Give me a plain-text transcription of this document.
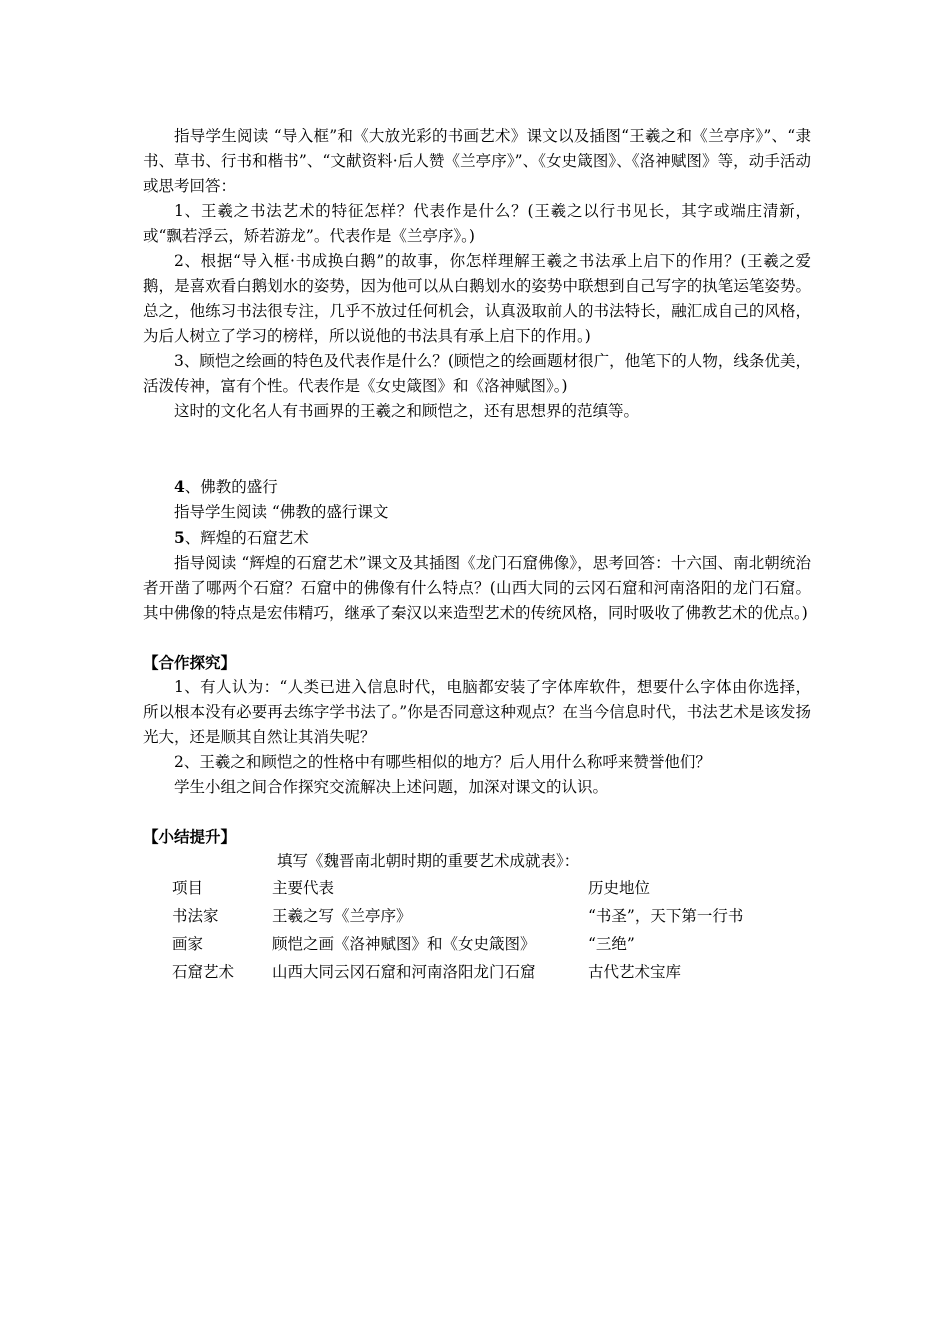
指导学生阅读 “导入框”和《大放光彩的书画艺术》课文以及插图“王羲之和《兰亭序》”、“隶书、草书、行书和楷书”、“文献资料·后人赞《兰亭序》”、《女史箴图》、《洛神赋图》等，动手活动或思考回答：

1、王羲之书法艺术的特征怎样？代表作是什么？(王羲之以行书见长，其字或端庄清新，或“飘若浮云，矫若游龙”。代表作是《兰亭序》。)

2、根据“导入框·书成换白鹅”的故事，你怎样理解王羲之书法承上启下的作用？(王羲之爱鹅，是喜欢看白鹅划水的姿势，因为他可以从白鹅划水的姿势中联想到自己写字的执笔运笔姿势。总之，他练习书法很专注，几乎不放过任何机会，认真汲取前人的书法特长，融汇成自己的风格，为后人树立了学习的榜样，所以说他的书法具有承上启下的作用。)

3、顾恺之绘画的特色及代表作是什么？(顾恺之的绘画题材很广，他笔下的人物，线条优美，活泼传神，富有个性。代表作是《女史箴图》和《洛神赋图》。)

这时的文化名人有书画界的王羲之和顾恺之，还有思想界的范缜等。

4、佛教的盛行

指导学生阅读 “佛教的盛行课文

5、辉煌的石窟艺术

指导阅读 “辉煌的石窟艺术”课文及其插图《龙门石窟佛像》，思考回答：十六国、南北朝统治者开凿了哪两个石窟？石窟中的佛像有什么特点？(山西大同的云冈石窟和河南洛阳的龙门石窟。其中佛像的特点是宏伟精巧，继承了秦汉以来造型艺术的传统风格，同时吸收了佛教艺术的优点。)

【合作探究】

1、有人认为：“人类已进入信息时代，电脑都安装了字体库软件，想要什么字体由你选择，所以根本没有必要再去练字学书法了。”你是否同意这种观点？在当今信息时代，书法艺术是该发扬光大，还是顺其自然让其消失呢？

2、王羲之和顾恺之的性格中有哪些相似的地方？后人用什么称呼来赞誉他们？

学生小组之间合作探究交流解决上述问题，加深对课文的认识。

【小结提升】

填写《魏晋南北朝时期的重要艺术成就表》：

项目	主要代表	历史地位
书法家	王羲之写《兰亭序》	“书圣”，天下第一行书
画家	顾恺之画《洛神赋图》和《女史箴图》	“三绝”
石窟艺术	山西大同云冈石窟和河南洛阳龙门石窟	古代艺术宝库
